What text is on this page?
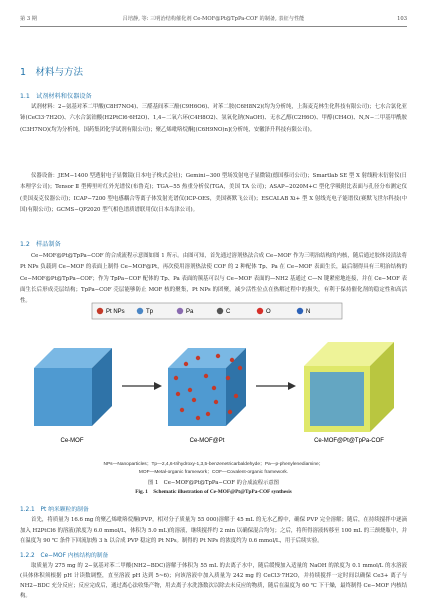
第 3 期	吕培静, 等: 三明治结构催化剂 Ce-MOF@Pt@TpPa-COF 的制备, 表征与性能	103
1　材料与方法
1.1　试剂材料和仪器设备
试剂材料：2−氨基对苯二甲酸(C8H7NO4)、三醛基间苯三酚(C9H6O6)、对苯二胺(C6H8N2)(均为分析纯，上海麦克林生化科技有限公司)；七水合氯化亚铈(CeCl3·7H2O)、六水合氯铂酸(H2PtCl6·6H2O)、1,4−二氧六环(C4H8O2)、氢氧化钠(NaOH)、无水乙醇(C2H6O)、甲醇(CH4O)、N,N−二甲基甲酰胺(C3H7NO)(均为分析纯，国药集团化学试剂有限公司)；聚乙烯吡咯烷酮[(C6H9NO)n](分析纯，安徽泽升科技有限公司)。
仪器设备：JEM−1400 型透射电子显微镜(日本电子株式会社)；Gemini−300 型场发射电子显微镜(德国蔡司公司)；Smartlab SE 型 X 射线粉末衍射仪(日本理学公司)；Tensor Ⅱ 型傅里叶红外光谱仪(布鲁克)；TGA−55 热重分析仪(TGA，美国 TA 公司)；ASAP−2020M+C 型化学吸附比表面与孔径分布测定仪(美国麦克仪器公司)；ICAP−7200 型电感耦合等离子体发射光谱仪(ICP-OES，美国赛默飞公司)；ESCALAB Xi+ 型 X 射线光电子能谱仪(赛默飞世尔科技(中国)有限公司)；GCMS−QP2020 型气相色谱质谱联用仪(日本岛津公司)。
1.2　样品制备
Ce−MOF@Pt@TpPa−COF 的合成流程示意图如图 1 所示。由图可知，首先通过溶剂热法合成 Ce−MOF 作为三明治结构的内核，随后通过胶体浸渍法将 Pt NPs 负载到 Ce−MOF 的表面上制得 Ce−MOF@Pt，再次使用溶剂热法使 COF 的 2 种配体 Tp、Pa 在 Ce−MOF 表面生长，最后制得具有三明治结构的 Ce−MOF@Pt@TpPa−COF；作为 TpPa−COF 配体的 Tp、Pa 表面的羰基可以与 Ce−MOF 表面的—NH2 基通过 C—N 键紧密地连接，并在 Ce−MOF 表面生长后形成壳层结构；TpPa−COF 壳层能够防止 MOF 核的聚集，Pt NPs 的团聚，减少活性位点在热解过程中的损失，有利于保持催化剂的稳定性和高活性。
Pt NPs	Tp	Pa	C	O	N
Ce-MOF	Ce-MOF@Pt	Ce-MOF@Pt@TpPa-COF
NPs—Nanoparticles；Tp—2,4,6-trihydroxy-1,3,5-benzenetricarbaldehyde；Pa—p-phenylenediamine；
MOF—Metal-organic framework；COF—Covalent-organic framework.
图 1　Ce−MOF@Pt@TpPa−COF 的合成流程示意图
Fig. 1　Schematic illustration of Ce-MOF@Pt@TpPa-COF synthesis
1.2.1　Pt 纳米颗粒的制备
首先，将质量为 16.6 mg 的聚乙烯吡咯烷酮(PVP，相对分子质量为 55 000)溶解于 45 mL 的无水乙醇中，确保 PVP 完全溶解；随后，在持续搅拌中逐滴加入 H2PtCl6 的溶液(浓度为 6.0 mmol/L，体积为 5.0 mL)的溶液，继续搅拌约 2 min 以确保混合均匀；之后，将所得溶液转移至 100 mL 的三颈烧瓶中，并在温度为 90 ℃ 条件下回流加热 3 h 以合成 PVP 稳定的 Pt NPs。制得的 Pt NPs 的浓度约为 0.6 mmol/L，用于后续实验。
1.2.2　Ce−MOF 内核结构的制备
取质量为 275 mg 的 2−氨基对苯二甲酸(NH2−BDC)溶解于体积为 55 mL 的去离子水中，随后缓慢加入适量的 NaOH 的浓度为 0.1 mmol/L 的水溶液(具体体积须根据 pH 计读数调整，直至溶液 pH 达到 5~6)；向该溶液中加入质量为 242 mg 的 CeCl3·7H2O，并持续搅拌一定时间以确保 Ce3+ 离子与 NH2−BDC 充分反应；反应完成后，通过离心法收集产物，用去离子水洗涤数次以除去未反应的物质，随后在温度为 60 ℃ 下干燥，最终制得 Ce−MOF 内核结构。
